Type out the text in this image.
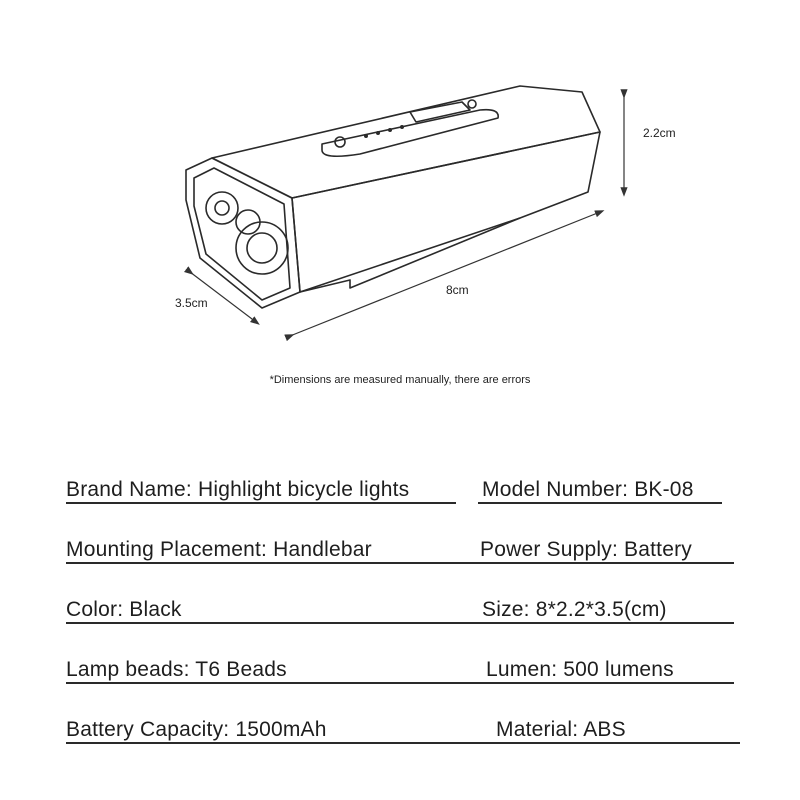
2.2cm
3.5cm
8cm
*Dimensions are measured manually, there are errors
Brand Name : Highlight bicycle lights	Model Number : BK-08
Mounting Placement : Handlebar	Power Supply : Battery
Color : Black	Size : 8*2.2*3.5(cm)
Lamp beads : T6 Beads	Lumen : 500 lumens
Battery Capacity : 1500mAh	Material : ABS
